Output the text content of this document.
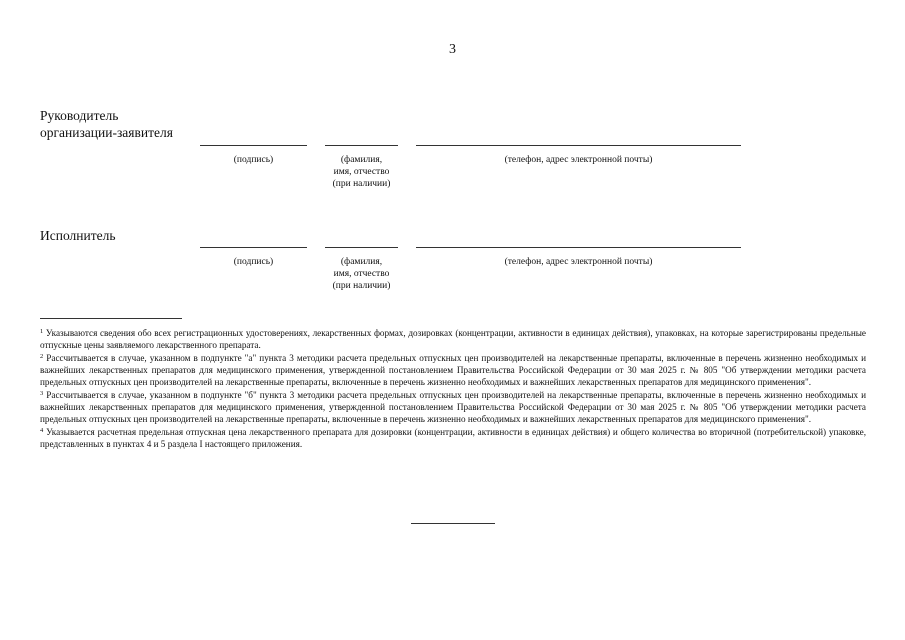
3
Руководитель
организации-заявителя
(подпись)	(фамилия,
имя, отчество
(при наличии)
(телефон, адрес электронной почты)
Исполнитель
(подпись)	(фамилия,
имя, отчество
(при наличии)
(телефон, адрес электронной почты)

$^1$ Указываются сведения обо всех регистрационных удостоверениях, лекарственных формах, дозировках (концентрации, активности в единицах действия), упаковках, на которые зарегистрированы предельные отпускные цены заявляемого лекарственного препарата.

$^2$ Рассчитывается в случае, указанном в подпункте "а" пункта 3 методики расчета предельных отпускных цен производителей на лекарственные препараты, включенные в перечень жизненно необходимых и важнейших лекарственных препаратов для медицинского применения, утвержденной постановлением Правительства Российской Федерации от 30 мая 2025 г. № 805 "Об утверждении методики расчета предельных отпускных цен производителей на лекарственные препараты, включенные в перечень жизненно необходимых и важнейших лекарственных препаратов для медицинского применения".

$^3$ Рассчитывается в случае, указанном в подпункте "б" пункта 3 методики расчета предельных отпускных цен производителей на лекарственные препараты, включенные в перечень жизненно необходимых и важнейших лекарственных препаратов для медицинского применения, утвержденной постановлением Правительства Российской Федерации от 30 мая 2025 г. № 805 "Об утверждении методики расчета предельных отпускных цен производителей на лекарственные препараты, включенные в перечень жизненно необходимых и важнейших лекарственных препаратов для медицинского применения".

$^4$ Указывается расчетная предельная отпускная цена лекарственного препарата для дозировки (концентрации, активности в единицах действия) и общего количества во вторичной (потребительской) упаковке, представленных в пунктах 4 и 5 раздела I настоящего приложения.
